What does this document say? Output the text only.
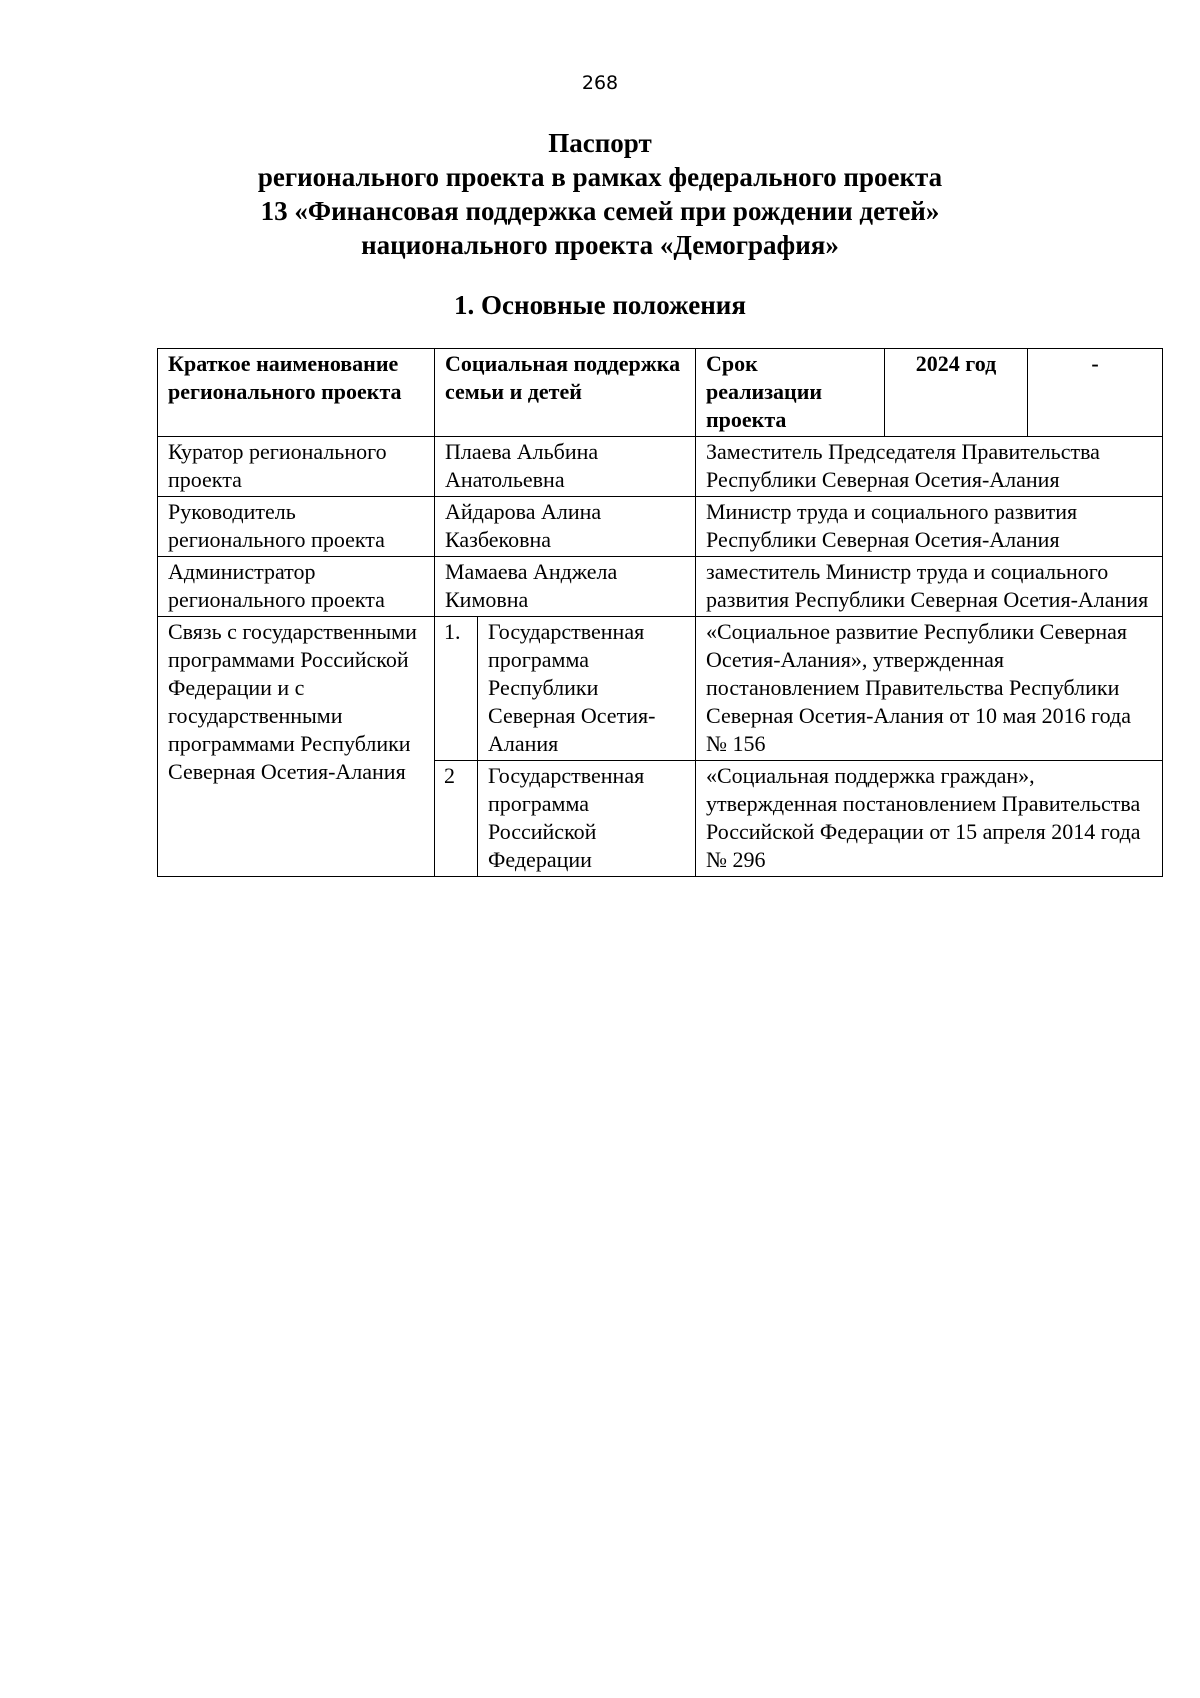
268
Паспорт
регионального проекта в рамках федерального проекта
13 «Финансовая поддержка семей при рождении детей»
национального проекта «Демография»
1. Основные положения
Краткое наименование регионального проекта	Социальная поддержка семьи и детей		Срок реализации проекта	2024 год	-
Куратор регионального проекта	Плаева Альбина Анатольевна		Заместитель Председателя Правительства Республики Северная Осетия-Алания		
Руководитель регионального проекта	Айдарова Алина Казбековна		Министр труда и социального развития Республики Северная Осетия-Алания		
Администратор регионального проекта	Мамаева Анджела Кимовна		заместитель Министр труда и социального развития Республики Северная Осетия-Алания		
Связь с государственными программами Российской Федерации и с государственными программами Республики Северная Осетия-Алания	1.	Государственная программа Республики Северная Осетия-Алания	«Социальное развитие Республики Северная Осетия-Алания», утвержденная постановлением Правительства Республики Северная Осетия-Алания от 10 мая 2016 года № 156		
	2	Государственная программа Российской Федерации	«Социальная поддержка граждан», утвержденная постановлением Правительства Российской Федерации от 15 апреля 2014 года № 296		
